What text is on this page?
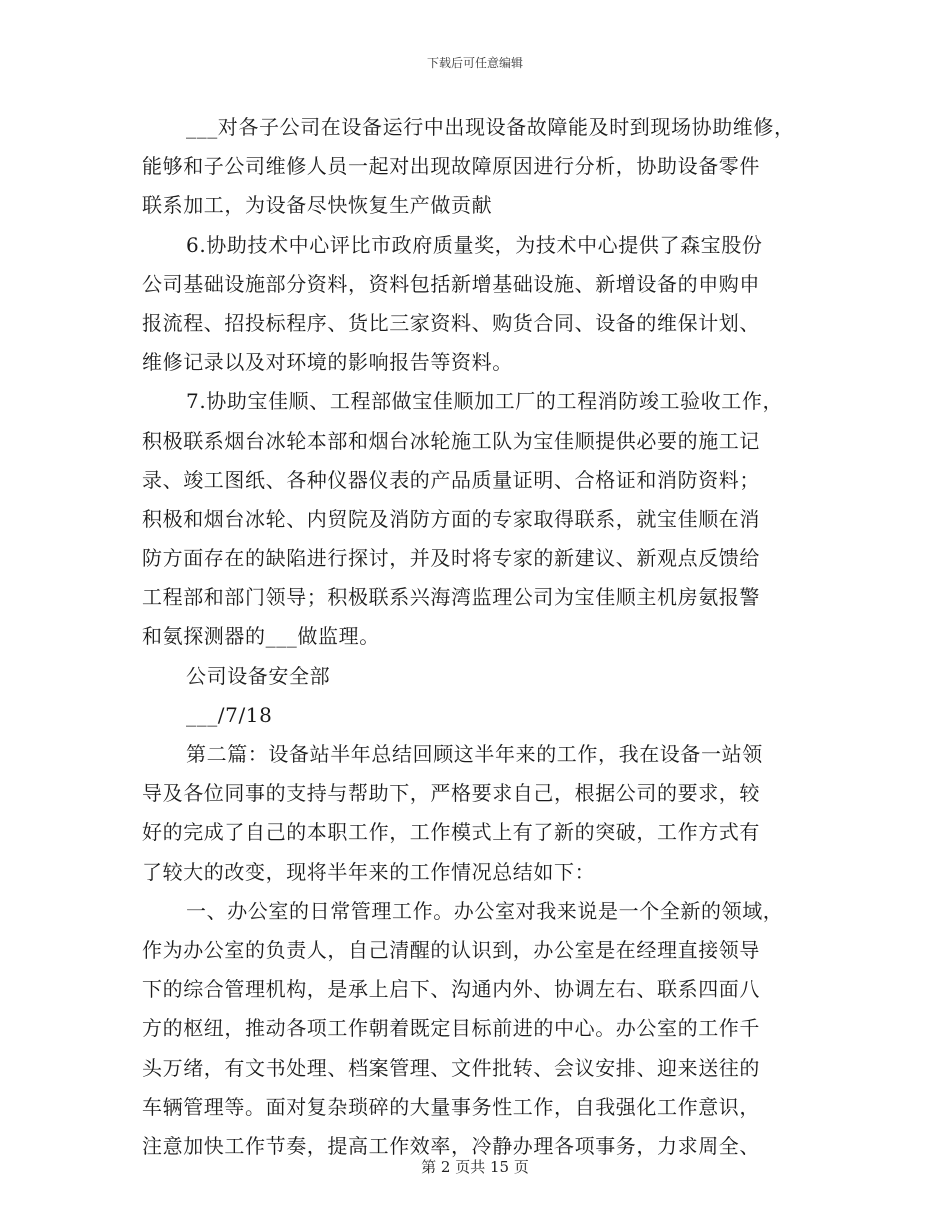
下载后可任意编辑
___对各子公司在设备运行中出现设备故障能及时到现场协助维修，
能够和子公司维修人员一起对出现故障原因进行分析，协助设备零件
联系加工，为设备尽快恢复生产做贡献
6.协助技术中心评比市政府质量奖，为技术中心提供了森宝股份
公司基础设施部分资料，资料包括新增基础设施、新增设备的申购申
报流程、招投标程序、货比三家资料、购货合同、设备的维保计划、
维修记录以及对环境的影响报告等资料。
7.协助宝佳顺、工程部做宝佳顺加工厂的工程消防竣工验收工作，
积极联系烟台冰轮本部和烟台冰轮施工队为宝佳顺提供必要的施工记
录、竣工图纸、各种仪器仪表的产品质量证明、合格证和消防资料；
积极和烟台冰轮、内贸院及消防方面的专家取得联系，就宝佳顺在消
防方面存在的缺陷进行探讨，并及时将专家的新建议、新观点反馈给
工程部和部门领导；积极联系兴海湾监理公司为宝佳顺主机房氨报警
和氨探测器的___做监理。
公司设备安全部
___/7/18
第二篇：设备站半年总结回顾这半年来的工作，我在设备一站领
导及各位同事的支持与帮助下，严格要求自己，根据公司的要求，较
好的完成了自己的本职工作，工作模式上有了新的突破，工作方式有
了较大的改变，现将半年来的工作情况总结如下：
一、办公室的日常管理工作。办公室对我来说是一个全新的领域，
作为办公室的负责人，自己清醒的认识到，办公室是在经理直接领导
下的综合管理机构，是承上启下、沟通内外、协调左右、联系四面八
方的枢纽，推动各项工作朝着既定目标前进的中心。办公室的工作千
头万绪，有文书处理、档案管理、文件批转、会议安排、迎来送往的
车辆管理等。面对复杂琐碎的大量事务性工作，自我强化工作意识，
注意加快工作节奏，提高工作效率，冷静办理各项事务，力求周全、
第 2 页共 15 页
